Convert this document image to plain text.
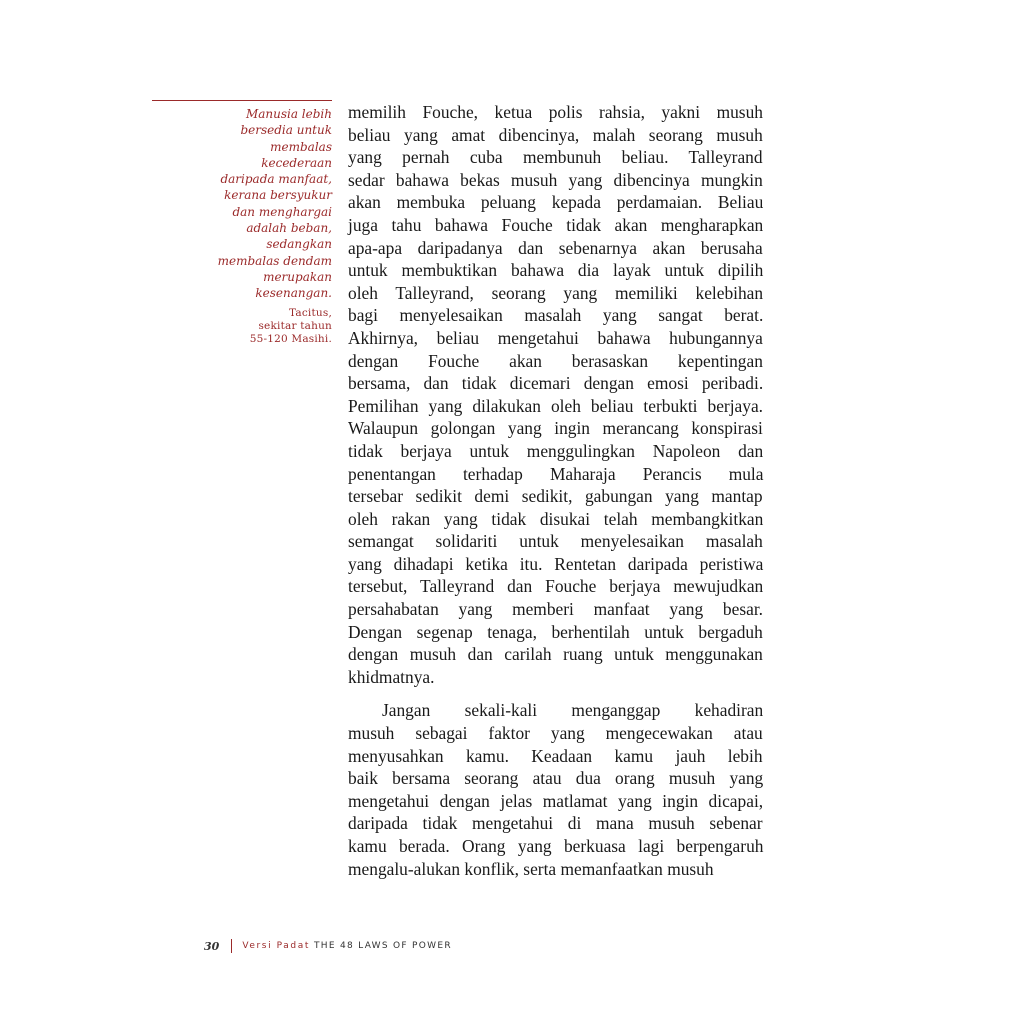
Manusia lebih
bersedia untuk
membalas
kecederaan
daripada manfaat,
kerana bersyukur
dan menghargai
adalah beban,
sedangkan
membalas dendam
merupakan
kesenangan.
Tacitus,
sekitar tahun
55-120 Masihi.
memilih Fouche, ketua polis rahsia, yakni musuh
beliau yang amat dibencinya, malah seorang musuh
yang pernah cuba membunuh beliau. Talleyrand
sedar bahawa bekas musuh yang dibencinya mungkin
akan membuka peluang kepada perdamaian. Beliau
juga tahu bahawa Fouche tidak akan mengharapkan
apa-apa daripadanya dan sebenarnya akan berusaha
untuk membuktikan bahawa dia layak untuk dipilih
oleh Talleyrand, seorang yang memiliki kelebihan
bagi menyelesaikan masalah yang sangat berat.
Akhirnya, beliau mengetahui bahawa hubungannya
dengan Fouche akan berasaskan kepentingan
bersama, dan tidak dicemari dengan emosi peribadi.
Pemilihan yang dilakukan oleh beliau terbukti berjaya.
Walaupun golongan yang ingin merancang konspirasi
tidak berjaya untuk menggulingkan Napoleon dan
penentangan terhadap Maharaja Perancis mula
tersebar sedikit demi sedikit, gabungan yang mantap
oleh rakan yang tidak disukai telah membangkitkan
semangat solidariti untuk menyelesaikan masalah
yang dihadapi ketika itu. Rentetan daripada peristiwa
tersebut, Talleyrand dan Fouche berjaya mewujudkan
persahabatan yang memberi manfaat yang besar.
Dengan segenap tenaga, berhentilah untuk bergaduh
dengan musuh dan carilah ruang untuk menggunakan
khidmatnya.
Jangan sekali-kali menganggap kehadiran
musuh sebagai faktor yang mengecewakan atau
menyusahkan kamu. Keadaan kamu jauh lebih
baik bersama seorang atau dua orang musuh yang
mengetahui dengan jelas matlamat yang ingin dicapai,
daripada tidak mengetahui di mana musuh sebenar
kamu berada. Orang yang berkuasa lagi berpengaruh
mengalu-alukan konflik, serta memanfaatkan musuh
30	Versi Padat THE 48 LAWS OF POWER
